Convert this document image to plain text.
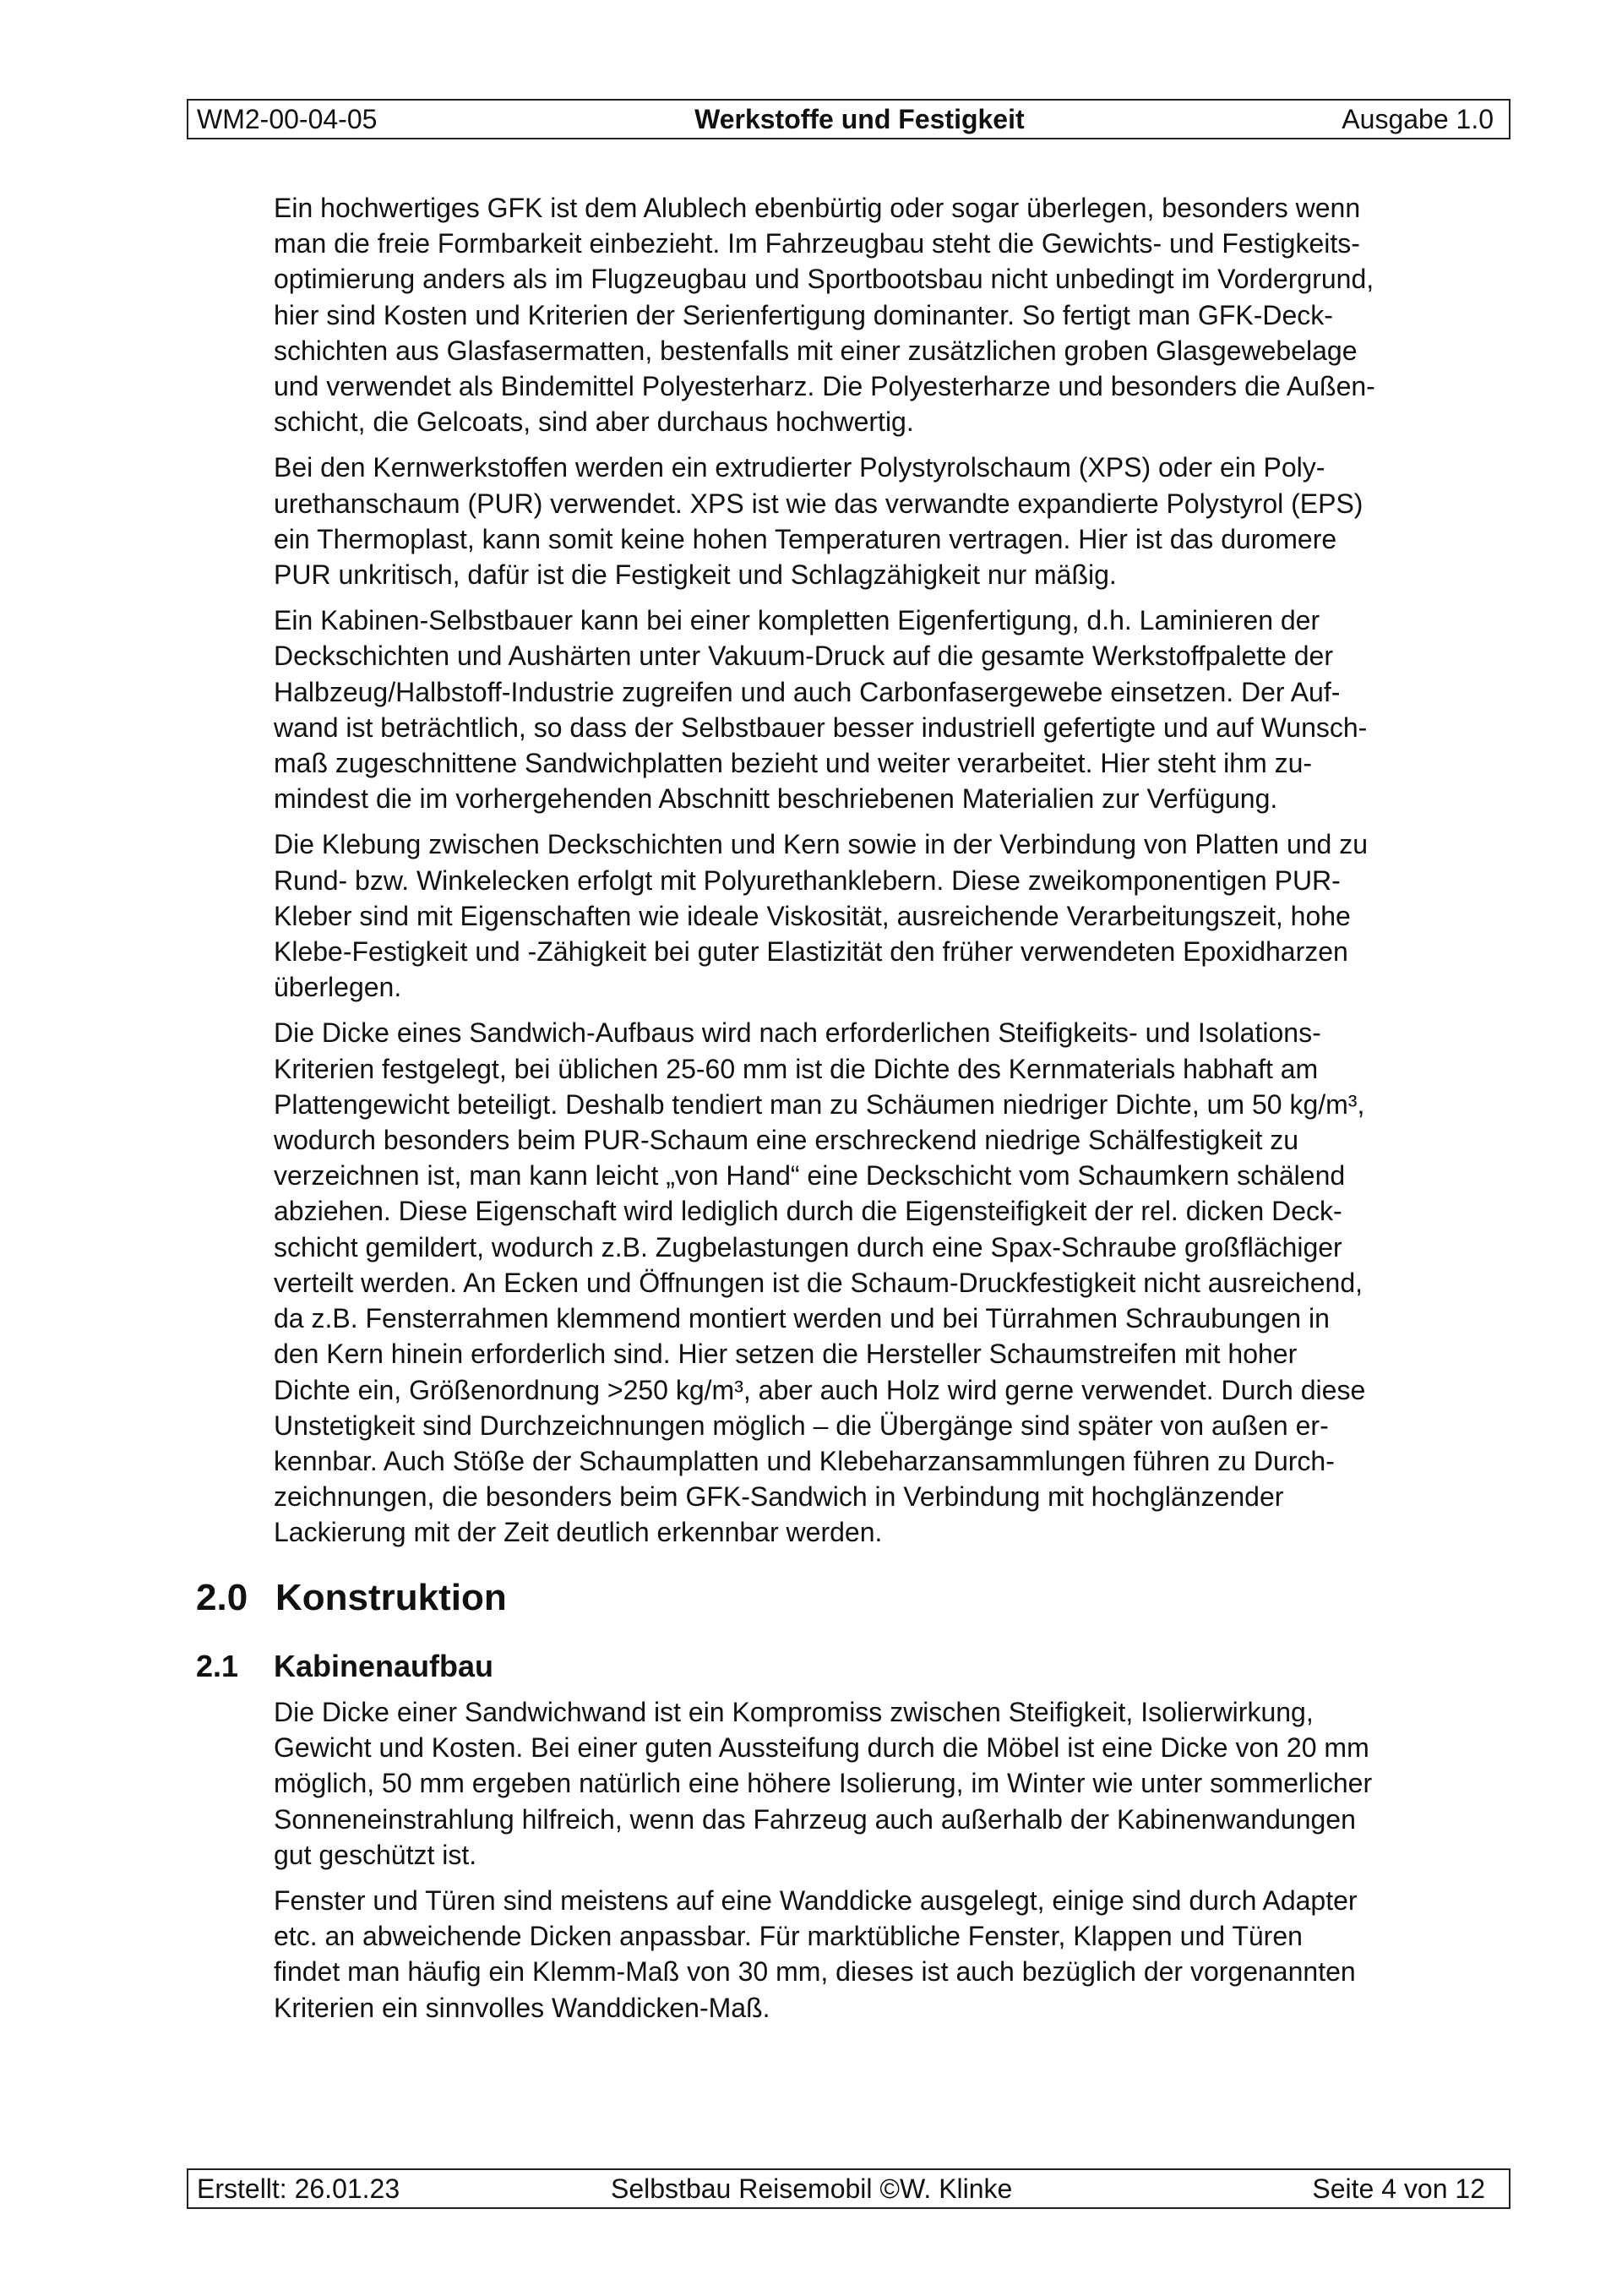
WM2-00-04-05	Werkstoffe und Festigkeit	Ausgabe 1.0

Ein hochwertiges GFK ist dem Alublech ebenbürtig oder sogar überlegen, besonders wenn
man die freie Formbarkeit einbezieht. Im Fahrzeugbau steht die Gewichts- und Festigkeits-
optimierung anders als im Flugzeugbau und Sportbootsbau nicht unbedingt im Vordergrund,
hier sind Kosten und Kriterien der Serienfertigung dominanter. So fertigt man GFK-Deck-
schichten aus Glasfasermatten, bestenfalls mit einer zusätzlichen groben Glasgewebelage
und verwendet als Bindemittel Polyesterharz. Die Polyesterharze und besonders die Außen-
schicht, die Gelcoats, sind aber durchaus hochwertig.

Bei den Kernwerkstoffen werden ein extrudierter Polystyrolschaum (XPS) oder ein Poly-
urethanschaum (PUR) verwendet. XPS ist wie das verwandte expandierte Polystyrol (EPS)
ein Thermoplast, kann somit keine hohen Temperaturen vertragen. Hier ist das duromere
PUR unkritisch, dafür ist die Festigkeit und Schlagzähigkeit nur mäßig.

Ein Kabinen-Selbstbauer kann bei einer kompletten Eigenfertigung, d.h. Laminieren der
Deckschichten und Aushärten unter Vakuum-Druck auf die gesamte Werkstoffpalette der
Halbzeug/Halbstoff-Industrie zugreifen und auch Carbonfasergewebe einsetzen. Der Auf-
wand ist beträchtlich, so dass der Selbstbauer besser industriell gefertigte und auf Wunsch-
maß zugeschnittene Sandwichplatten bezieht und weiter verarbeitet. Hier steht ihm zu-
mindest die im vorhergehenden Abschnitt beschriebenen Materialien zur Verfügung.

Die Klebung zwischen Deckschichten und Kern sowie in der Verbindung von Platten und zu
Rund- bzw. Winkelecken erfolgt mit Polyurethanklebern. Diese zweikomponentigen PUR-
Kleber sind mit Eigenschaften wie ideale Viskosität, ausreichende Verarbeitungszeit, hohe
Klebe-Festigkeit und -Zähigkeit bei guter Elastizität den früher verwendeten Epoxidharzen
überlegen.

Die Dicke eines Sandwich-Aufbaus wird nach erforderlichen Steifigkeits- und Isolations-
Kriterien festgelegt, bei üblichen 25-60 mm ist die Dichte des Kernmaterials habhaft am
Plattengewicht beteiligt. Deshalb tendiert man zu Schäumen niedriger Dichte, um 50 kg/m³,
wodurch besonders beim PUR-Schaum eine erschreckend niedrige Schälfestigkeit zu
verzeichnen ist, man kann leicht „von Hand“ eine Deckschicht vom Schaumkern schälend
abziehen. Diese Eigenschaft wird lediglich durch die Eigensteifigkeit der rel. dicken Deck-
schicht gemildert, wodurch z.B. Zugbelastungen durch eine Spax-Schraube großflächiger
verteilt werden. An Ecken und Öffnungen ist die Schaum-Druckfestigkeit nicht ausreichend,
da z.B. Fensterrahmen klemmend montiert werden und bei Türrahmen Schraubungen in
den Kern hinein erforderlich sind. Hier setzen die Hersteller Schaumstreifen mit hoher
Dichte ein, Größenordnung >250 kg/m³, aber auch Holz wird gerne verwendet. Durch diese
Unstetigkeit sind Durchzeichnungen möglich – die Übergänge sind später von außen er-
kennbar. Auch Stöße der Schaumplatten und Klebeharzansammlungen führen zu Durch-
zeichnungen, die besonders beim GFK-Sandwich in Verbindung mit hochglänzender
Lackierung mit der Zeit deutlich erkennbar werden.

2.0 Konstruktion
2.1 Kabinenaufbau

Die Dicke einer Sandwichwand ist ein Kompromiss zwischen Steifigkeit, Isolierwirkung,
Gewicht und Kosten. Bei einer guten Aussteifung durch die Möbel ist eine Dicke von 20 mm
möglich, 50 mm ergeben natürlich eine höhere Isolierung, im Winter wie unter sommerlicher
Sonneneinstrahlung hilfreich, wenn das Fahrzeug auch außerhalb der Kabinenwandungen
gut geschützt ist.

Fenster und Türen sind meistens auf eine Wanddicke ausgelegt, einige sind durch Adapter
etc. an abweichende Dicken anpassbar. Für marktübliche Fenster, Klappen und Türen
findet man häufig ein Klemm-Maß von 30 mm, dieses ist auch bezüglich der vorgenannten
Kriterien ein sinnvolles Wanddicken-Maß.

Erstellt: 26.01.23	Selbstbau Reisemobil ©W. Klinke	Seite 4 von 12
